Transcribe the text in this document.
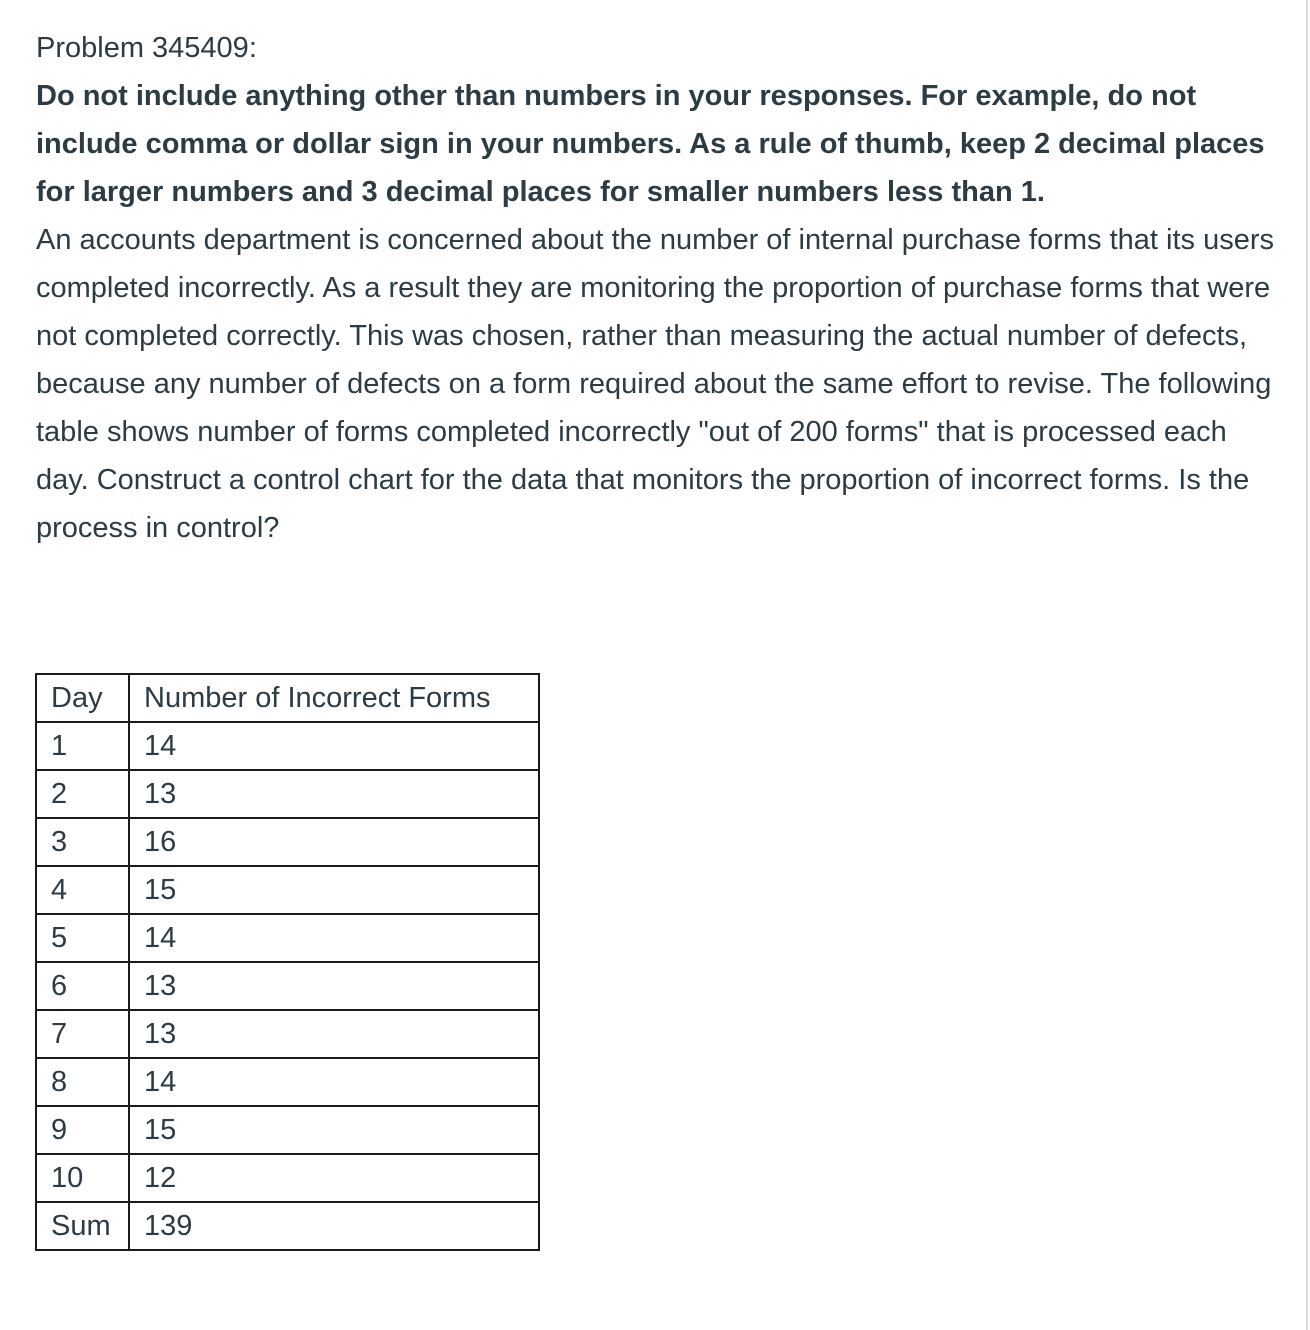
Problem 345409:

Do not include anything other than numbers in your responses. For example, do not include comma or dollar sign in your numbers. As a rule of thumb, keep 2 decimal places for larger numbers and 3 decimal places for smaller numbers less than 1.

An accounts department is concerned about the number of internal purchase forms that its users completed incorrectly. As a result they are monitoring the proportion of purchase forms that were not completed correctly. This was chosen, rather than measuring the actual number of defects, because any number of defects on a form required about the same effort to revise. The following table shows number of forms completed incorrectly "out of 200 forms" that is processed each day. Construct a control chart for the data that monitors the proportion of incorrect forms. Is the process in control?

Day	Number of Incorrect Forms
1	14
2	13
3	16
4	15
5	14
6	13
7	13
8	14
9	15
10	12
Sum	139
